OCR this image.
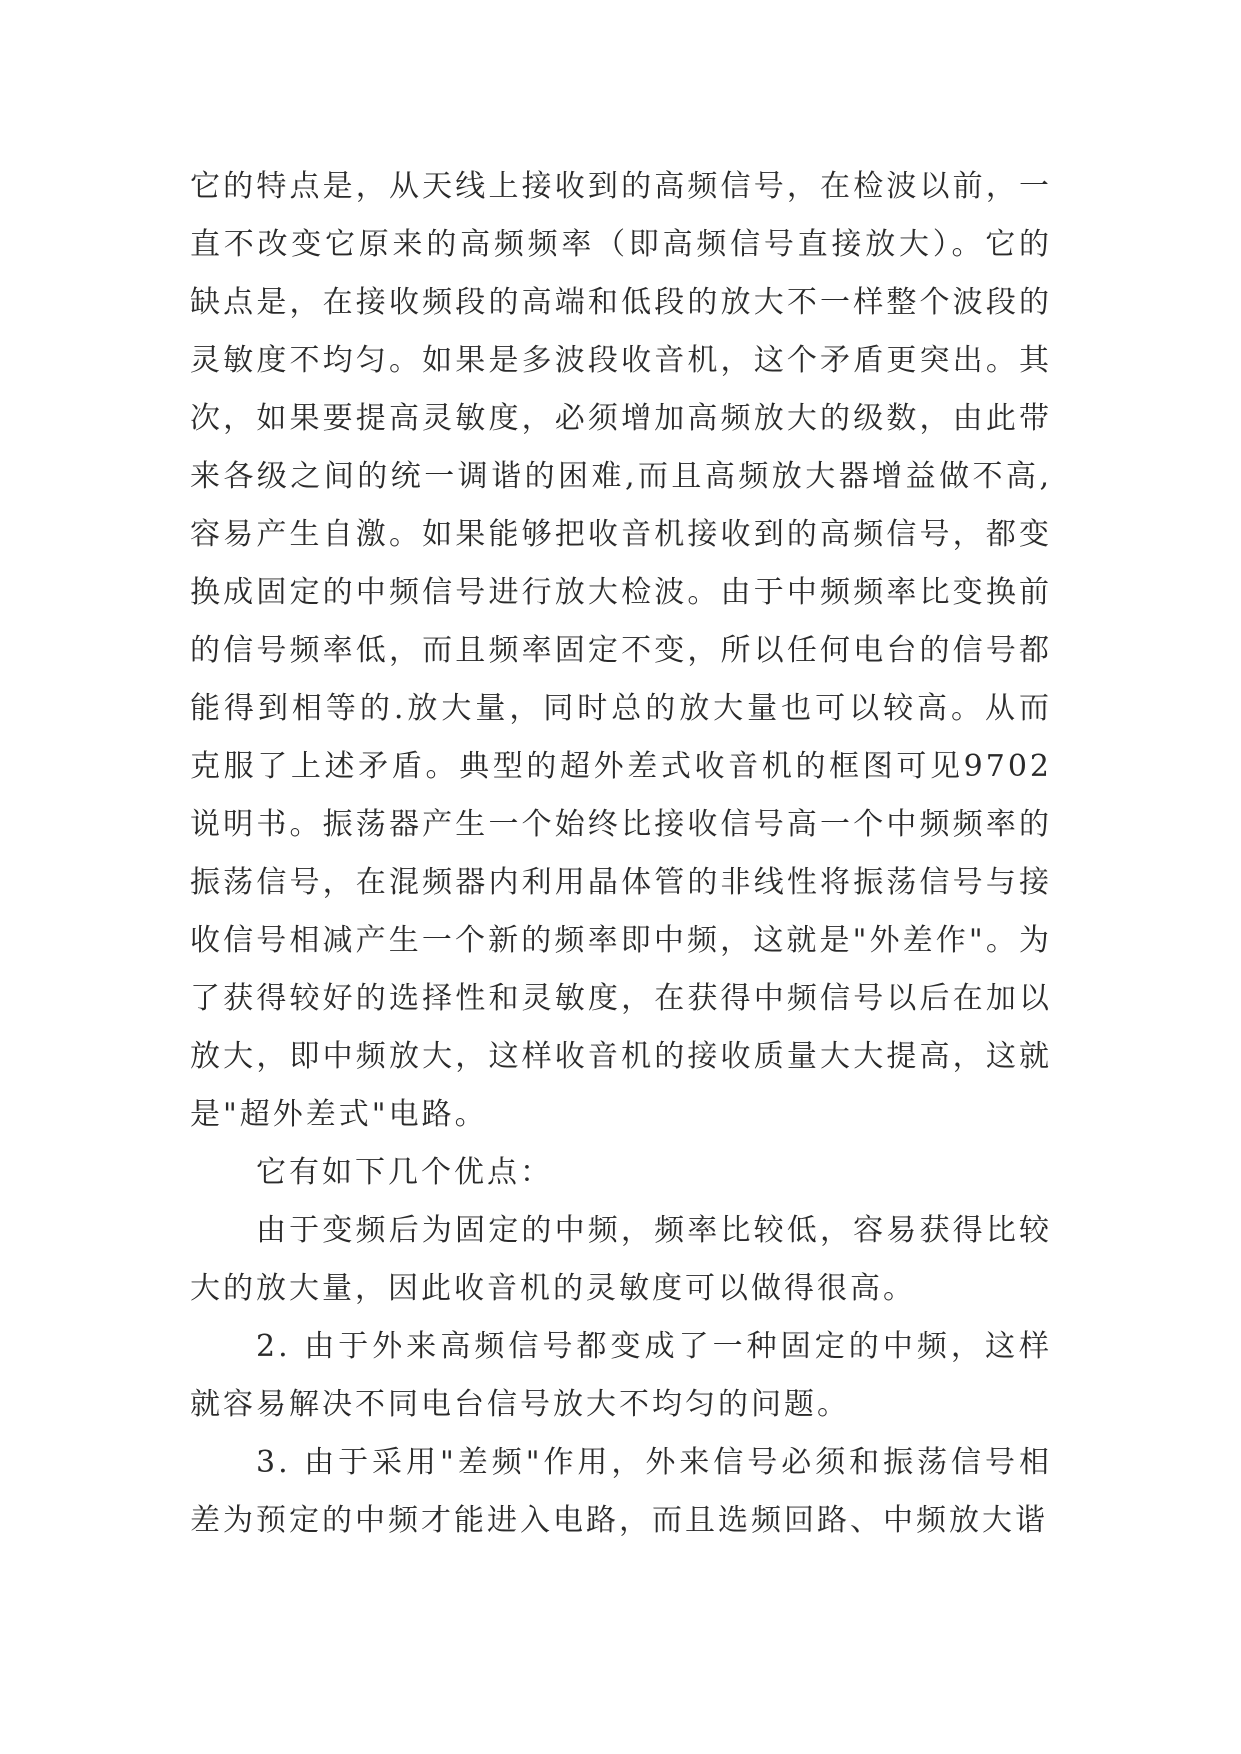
它的特点是，从天线上接收到的高频信号，在检波以前，一直不改变它原来的高频频率（即高频信号直接放大）。它的缺点是，在接收频段的高端和低段的放大不一样整个波段的灵敏度不均匀。如果是多波段收音机，这个矛盾更突出。其次，如果要提高灵敏度，必须增加高频放大的级数，由此带来各级之间的统一调谐的困难,而且高频放大器增益做不高,容易产生自激。如果能够把收音机接收到的高频信号，都变换成固定的中频信号进行放大检波。由于中频频率比变换前的信号频率低，而且频率固定不变，所以任何电台的信号都能得到相等的.放大量，同时总的放大量也可以较高。从而克服了上述矛盾。典型的超外差式收音机的框图可见9702说明书。振荡器产生一个始终比接收信号高一个中频频率的振荡信号，在混频器内利用晶体管的非线性将振荡信号与接收信号相减产生一个新的频率即中频，这就是"外差作"。为了获得较好的选择性和灵敏度，在获得中频信号以后在加以放大，即中频放大，这样收音机的接收质量大大提高，这就是"超外差式"电路。

它有如下几个优点：

由于变频后为固定的中频，频率比较低，容易获得比较大的放大量，因此收音机的灵敏度可以做得很高。

2. 由于外来高频信号都变成了一种固定的中频，这样就容易解决不同电台信号放大不均匀的问题。

3. 由于采用"差频"作用，外来信号必须和振荡信号相差为预定的中频才能进入电路，而且选频回路、中频放大谐
